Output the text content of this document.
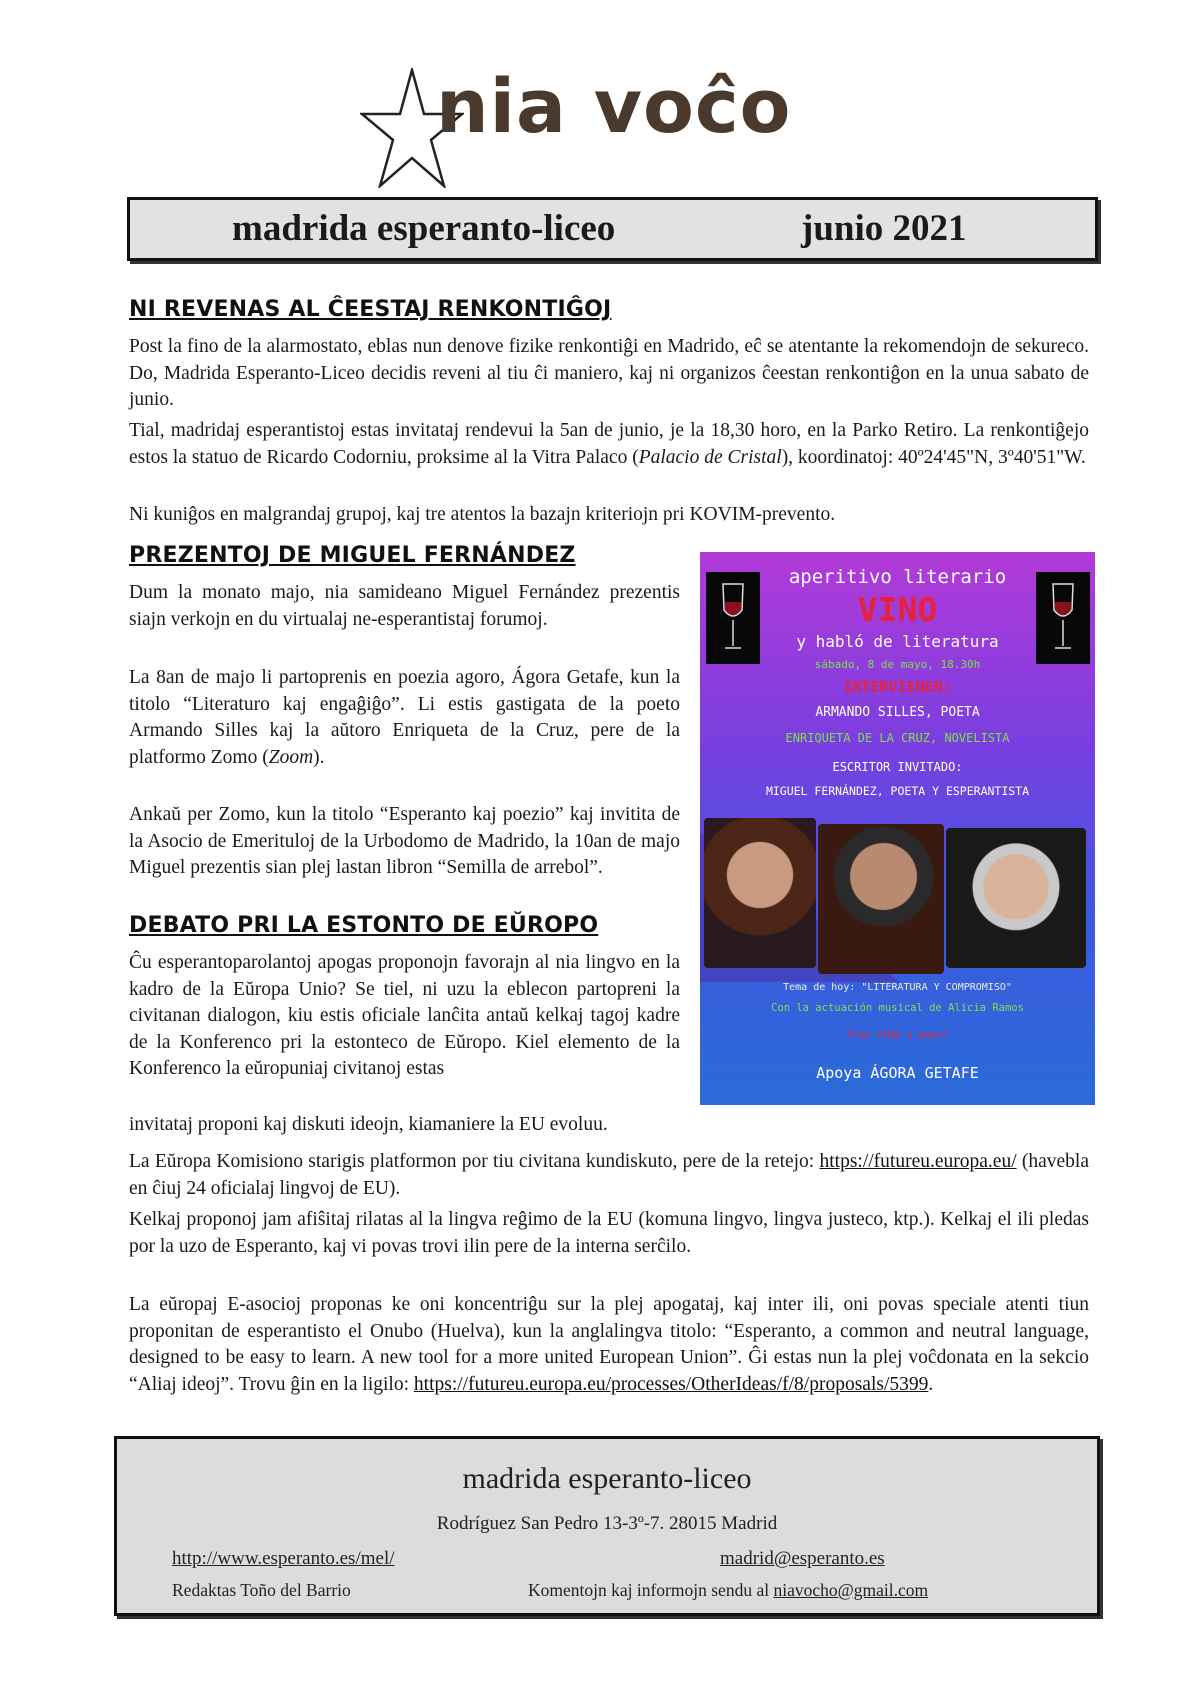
nia voĉo
madrida esperanto-liceo	junio 2021
NI REVENAS AL ĈEESTAJ RENKONTIĜOJ

Post la fino de la alarmostato, eblas nun denove fizike renkontiĝi en Madrido, eĉ se atentante la rekomendojn de sekureco. Do, Madrida Esperanto-Liceo decidis reveni al tiu ĉi maniero, kaj ni organizos ĉeestan renkontiĝon en la unua sabato de junio.

Tial, madridaj esperantistoj estas invitataj rendevui la 5an de junio, je la 18,30 horo, en la Parko Retiro. La renkontiĝejo estos la statuo de Ricardo Codorniu, proksime al la Vitra Palaco (Palacio de Cristal), koordinatoj: 40º24'45"N, 3º40'51"W.

Ni kuniĝos en malgrandaj grupoj, kaj tre atentos la bazajn kriteriojn pri KOVIM-prevento.

PREZENTOJ DE MIGUEL FERNÁNDEZ

Dum la monato majo, nia samideano Miguel Fernández prezentis siajn verkojn en du virtualaj ne-esperantistaj forumoj.

La 8an de majo li partoprenis en poezia agoro, Ágora Getafe, kun la titolo “Literaturo kaj engaĝiĝo”. Li estis gastigata de la poeto Armando Silles kaj la aŭtoro Enriqueta de la Cruz, pere de la platformo Zomo (Zoom).

Ankaŭ per Zomo, kun la titolo “Esperanto kaj poezio” kaj invitita de la Asocio de Emerituloj de la Urbodomo de Madrido, la 10an de majo Miguel prezentis sian plej lastan libron “Semilla de arrebol”.

DEBATO PRI LA ESTONTO DE EŬROPO

Ĉu esperantoparolantoj apogas proponojn favorajn al nia lingvo en la kadro de la Eŭropa Unio? Se tiel, ni uzu la eblecon partopreni la civitanan dialogon, kiu estis oficiale lanĉita antaŭ kelkaj tagoj kadre de la Konferenco pri la estonteco de Eŭropo. Kiel elemento de la Konferenco la eŭropuniaj civitanoj estas

invitataj proponi kaj diskuti ideojn, kiamaniere la EU evoluu.

La Eŭropa Komisiono starigis platformon por tiu civitana kundiskuto, pere de la retejo: https://futureu.europa.eu/ (havebla en ĉiuj 24 oficialaj lingvoj de EU).

Kelkaj proponoj jam afiŝitaj rilatas al la lingva reĝimo de la EU (komuna lingvo, lingva justeco, ktp.). Kelkaj el ili pledas por la uzo de Esperanto, kaj vi povas trovi ilin pere de la interna serĉilo.

La eŭropaj E-asocioj proponas ke oni koncentriĝu sur la plej apogataj, kaj inter ili, oni povas speciale atenti tiun proponitan de esperantisto el Onubo (Huelva), kun la anglalingva titolo: “Esperanto, a common and neutral language, designed to be easy to learn. A new tool for a more united European Union”. Ĝi estas nun la plej voĉdonata en la sekcio “Aliaj ideoj”. Trovu ĝin en la ligilo: https://futureu.europa.eu/processes/OtherIdeas/f/8/proposals/5399.

aperitivo literario
VINO
y habló de literatura
sábado, 8 de mayo, 18.30h
INTERVIENEN:
ARMANDO SILLES, POETA
ENRIQUETA DE LA CRUZ, NOVELISTA
ESCRITOR INVITADO:
MIGUEL FERNÁNDEZ, POETA Y ESPERANTISTA
Tema de hoy: "LITERATURA Y COMPROMISO"
Con la actuación musical de Alicia Ramos
Trae VINO a mano!
Apoya ÁGORA GETAFE
madrida esperanto-liceo
Rodríguez San Pedro 13-3º-7. 28015 Madrid
http://www.esperanto.es/mel/	madrid@esperanto.es
Redaktas Toño del Barrio	Komentojn kaj informojn sendu al niavocho@gmail.com
